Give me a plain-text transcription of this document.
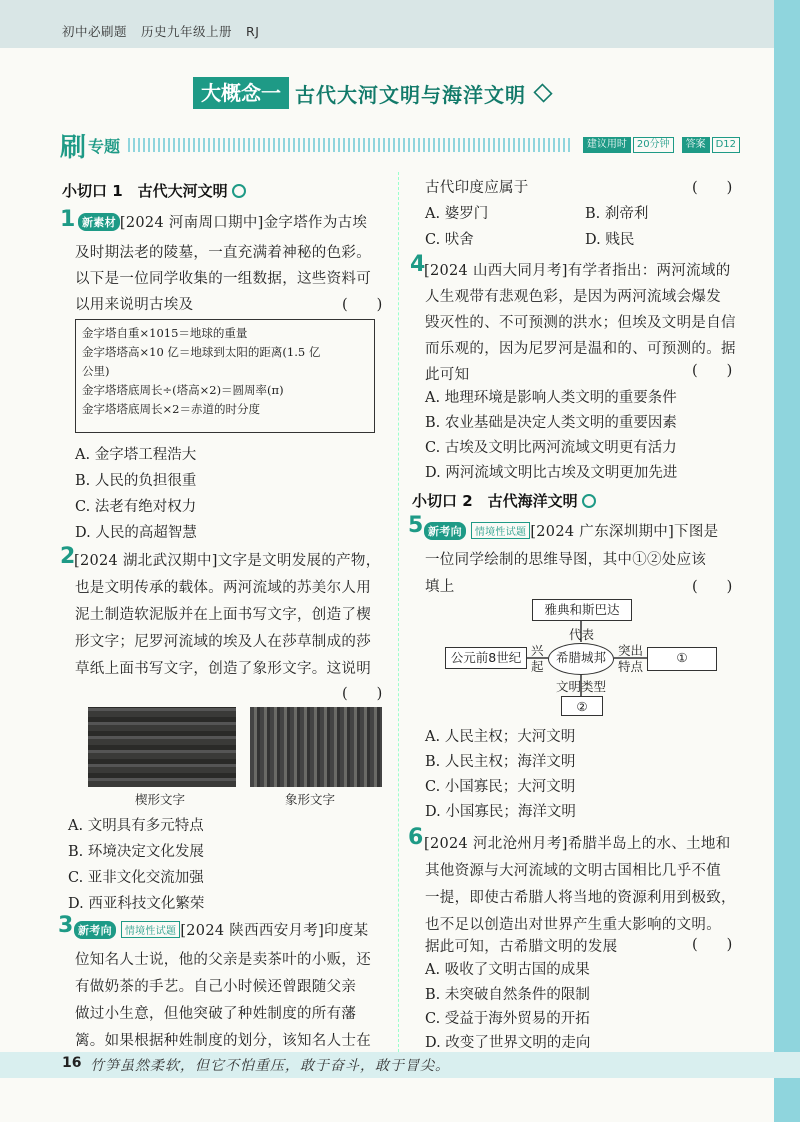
初中必刷题 历史九年级上册 RJ
大概念一 古代大河文明与海洋文明
刷 专题	建议用时	20分钟	答案	D12
小切口 1　古代大河文明
1 新素材 [2024 河南周口期中]金字塔作为古埃
及时期法老的陵墓，一直充满着神秘的色彩。
以下是一位同学收集的一组数据，这些资料可
以用来说明古埃及	(　　)
金字塔自重×1015＝地球的重量
金字塔塔高×10 亿＝地球到太阳的距离(1.5 亿
公里)
金字塔塔底周长÷(塔高×2)＝圆周率(π)
金字塔塔底周长×2＝赤道的时分度
A. 金字塔工程浩大
B. 人民的负担很重
C. 法老有绝对权力
D. 人民的高超智慧
2
[2024 湖北武汉期中]文字是文明发展的产物，
也是文明传承的载体。两河流域的苏美尔人用
泥土制造软泥版并在上面书写文字，创造了楔
形文字；尼罗河流域的埃及人在莎草制成的莎
草纸上面书写文字，创造了象形文字。这说明
(　　)
楔形文字	象形文字
A. 文明具有多元特点
B. 环境决定文化发展
C. 亚非文化交流加强
D. 西亚科技文化繁荣
3 新考向 情境性试题 [2024 陕西西安月考]印度某
位知名人士说，他的父亲是卖茶叶的小贩，还
有做奶茶的手艺。自己小时候还曾跟随父亲
做过小生意，但他突破了种姓制度的所有藩
篱。如果根据种姓制度的划分，该知名人士在
古代印度应属于	(　　)
A. 婆罗门	B. 刹帝利
C. 吠舍	D. 贱民
4
[2024 山西大同月考]有学者指出：两河流域的
人生观带有悲观色彩，是因为两河流域会爆发
毁灭性的、不可预测的洪水；但埃及文明是自信
而乐观的，因为尼罗河是温和的、可预测的。据
此可知	(　　)
A. 地理环境是影响人类文明的重要条件
B. 农业基础是决定人类文明的重要因素
C. 古埃及文明比两河流域文明更有活力
D. 两河流域文明比古埃及文明更加先进
小切口 2　古代海洋文明
5 新考向 情境性试题 [2024 广东深圳期中]下图是
一位同学绘制的思维导图，其中①②处应该
填上	(　　)
雅典和斯巴达
代表
公元前8世纪 兴
起
希腊城邦 突出
特点
①
文明类型
②
A. 人民主权；大河文明
B. 人民主权；海洋文明
C. 小国寡民；大河文明
D. 小国寡民；海洋文明
6 [2024 河北沧州月考]希腊半岛上的水、土地和
其他资源与大河流域的文明古国相比几乎不值
一提，即使古希腊人将当地的资源利用到极致，
也不足以创造出对世界产生重大影响的文明。
据此可知，古希腊文明的发展	(　　)
A. 吸收了文明古国的成果
B. 未突破自然条件的限制
C. 受益于海外贸易的开拓
D. 改变了世界文明的走向
16 竹笋虽然柔软，但它不怕重压，敢于奋斗，敢于冒尖。
